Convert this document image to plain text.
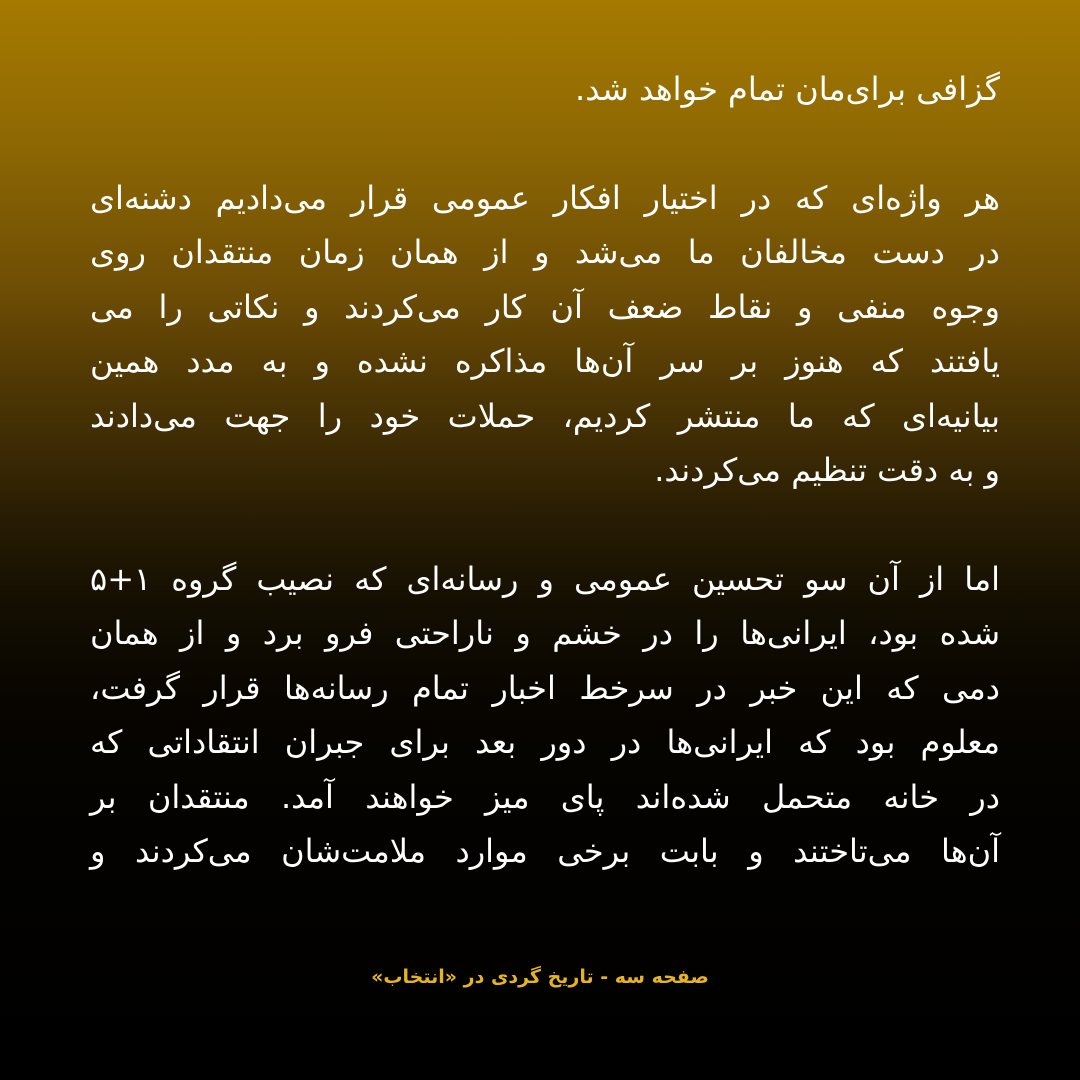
گزافی برای‌مان تمام خواهد شد.
هر واژه‌ای که در اختیار افکار عمومی قرار می‌دادیم دشنه‌ای
در دست مخالفان ما می‌شد و از همان زمان منتقدان روی
وجوه منفی و نقاط ضعف آن کار می‌کردند و نکاتی را می
یافتند که هنوز بر سر آن‌ها مذاکره نشده و به مدد همین
بیانیه‌ای که ما منتشر کردیم، حملات خود را جهت می‌دادند
و به دقت تنظیم می‌کردند.
اما از آن سو تحسین عمومی و رسانه‌ای که نصیب گروه ۱+۵
شده بود، ایرانی‌ها را در خشم و ناراحتی فرو برد و از همان
دمی که این خبر در سرخط اخبار تمام رسانه‌ها قرار گرفت،
معلوم بود که ایرانی‌ها در دور بعد برای جبران انتقاداتی که
در خانه متحمل شده‌اند پای میز خواهند آمد. منتقدان بر
آن‌ها می‌تاختند و بابت برخی موارد ملامت‌شان می‌کردند و
صفحه سه - تاریخ گردی در «انتخاب»
